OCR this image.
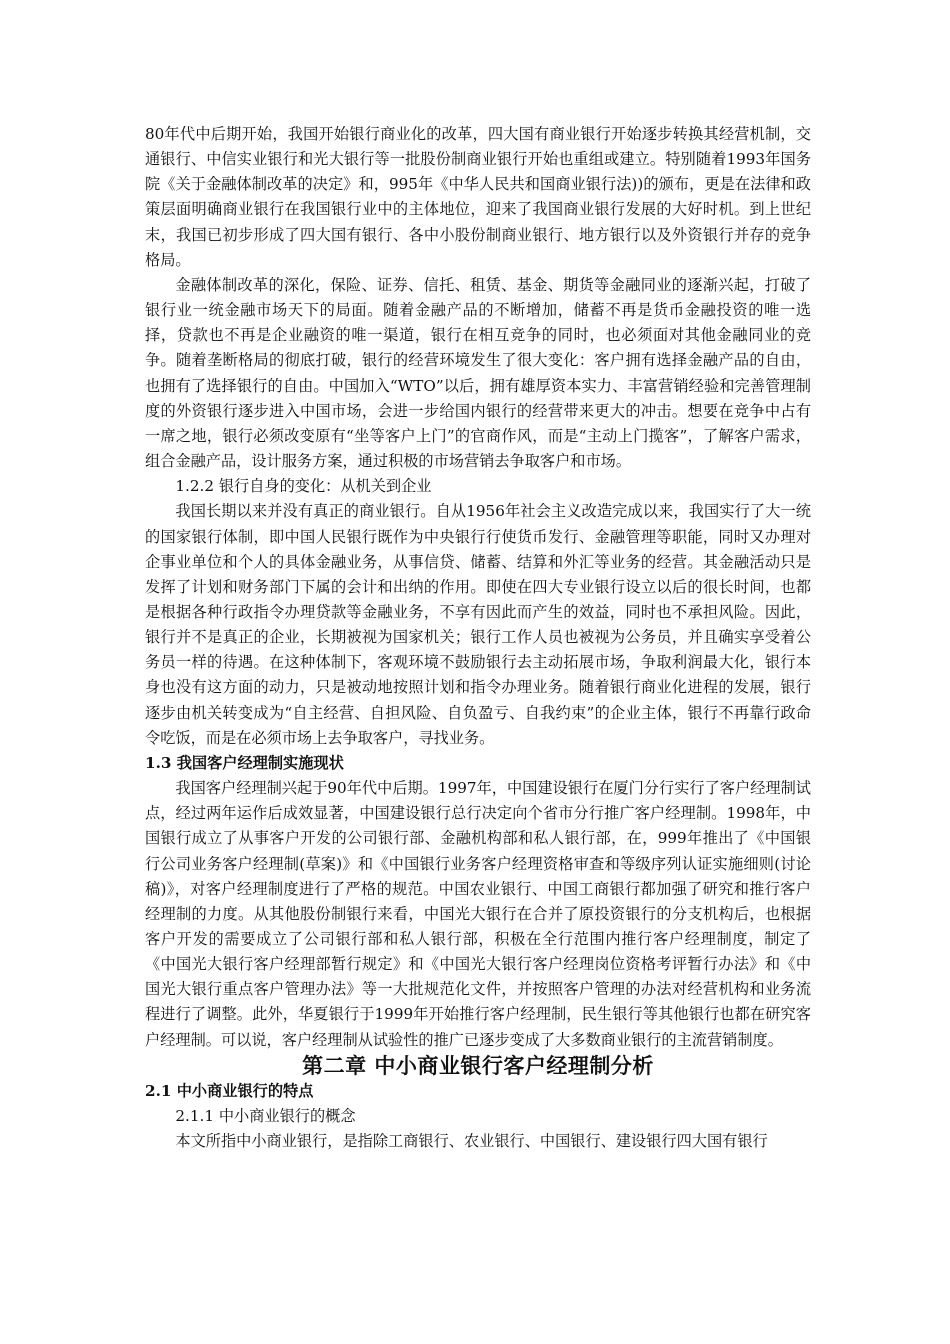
80年代中后期开始，我国开始银行商业化的改革，四大国有商业银行开始逐步转换其经营机制，交通银行、中信实业银行和光大银行等一批股份制商业银行开始也重组或建立。特别随着1993年国务院《关于金融体制改革的决定》和，995年《中华人民共和国商业银行法))的颁布，更是在法律和政策层面明确商业银行在我国银行业中的主体地位，迎来了我国商业银行发展的大好时机。到上世纪末，我国已初步形成了四大国有银行、各中小股份制商业银行、地方银行以及外资银行并存的竞争格局。

金融体制改革的深化，保险、证券、信托、租赁、基金、期货等金融同业的逐渐兴起，打破了银行业一统金融市场天下的局面。随着金融产品的不断增加，储蓄不再是货币金融投资的唯一选择，贷款也不再是企业融资的唯一渠道，银行在相互竞争的同时，也必须面对其他金融同业的竞争。随着垄断格局的彻底打破，银行的经营环境发生了很大变化：客户拥有选择金融产品的自由，也拥有了选择银行的自由。中国加入“WTO”以后，拥有雄厚资本实力、丰富营销经验和完善管理制度的外资银行逐步进入中国市场，会进一步给国内银行的经营带来更大的冲击。想要在竞争中占有一席之地，银行必须改变原有“坐等客户上门”的官商作风，而是“主动上门揽客”，了解客户需求，组合金融产品，设计服务方案，通过积极的市场营销去争取客户和市场。

1.2.2 银行自身的变化：从机关到企业

我国长期以来并没有真正的商业银行。自从1956年社会主义改造完成以来，我国实行了大一统的国家银行体制，即中国人民银行既作为中央银行行使货币发行、金融管理等职能，同时又办理对企事业单位和个人的具体金融业务，从事信贷、储蓄、结算和外汇等业务的经营。其金融活动只是发挥了计划和财务部门下属的会计和出纳的作用。即使在四大专业银行设立以后的很长时间，也都是根据各种行政指令办理贷款等金融业务，不享有因此而产生的效益，同时也不承担风险。因此，银行并不是真正的企业，长期被视为国家机关；银行工作人员也被视为公务员，并且确实享受着公务员一样的待遇。在这种体制下，客观环境不鼓励银行去主动拓展市场，争取利润最大化，银行本身也没有这方面的动力，只是被动地按照计划和指令办理业务。随着银行商业化进程的发展，银行逐步由机关转变成为“自主经营、自担风险、自负盈亏、自我约束”的企业主体，银行不再靠行政命令吃饭，而是在必须市场上去争取客户，寻找业务。

1.3 我国客户经理制实施现状

我国客户经理制兴起于90年代中后期。1997年，中国建设银行在厦门分行实行了客户经理制试点，经过两年运作后成效显著，中国建设银行总行决定向个省市分行推广客户经理制。1998年，中国银行成立了从事客户开发的公司银行部、金融机构部和私人银行部，在，999年推出了《中国银行公司业务客户经理制(草案)》和《中国银行业务客户经理资格审查和等级序列认证实施细则(讨论稿)》，对客户经理制度进行了严格的规范。中国农业银行、中国工商银行都加强了研究和推行客户经理制的力度。从其他股份制银行来看，中国光大银行在合并了原投资银行的分支机构后，也根据客户开发的需要成立了公司银行部和私人银行部，积极在全行范围内推行客户经理制度，制定了《中国光大银行客户经理部暂行规定》和《中国光大银行客户经理岗位资格考评暂行办法》和《中国光大银行重点客户管理办法》等一大批规范化文件，并按照客户管理的办法对经营机构和业务流程进行了调整。此外，华夏银行于1999年开始推行客户经理制，民生银行等其他银行也都在研究客户经理制。可以说，客户经理制从试验性的推广已逐步变成了大多数商业银行的主流营销制度。

第二章 中小商业银行客户经理制分析

2.1 中小商业银行的特点

2.1.1 中小商业银行的概念

本文所指中小商业银行，是指除工商银行、农业银行、中国银行、建设银行四大国有银行
